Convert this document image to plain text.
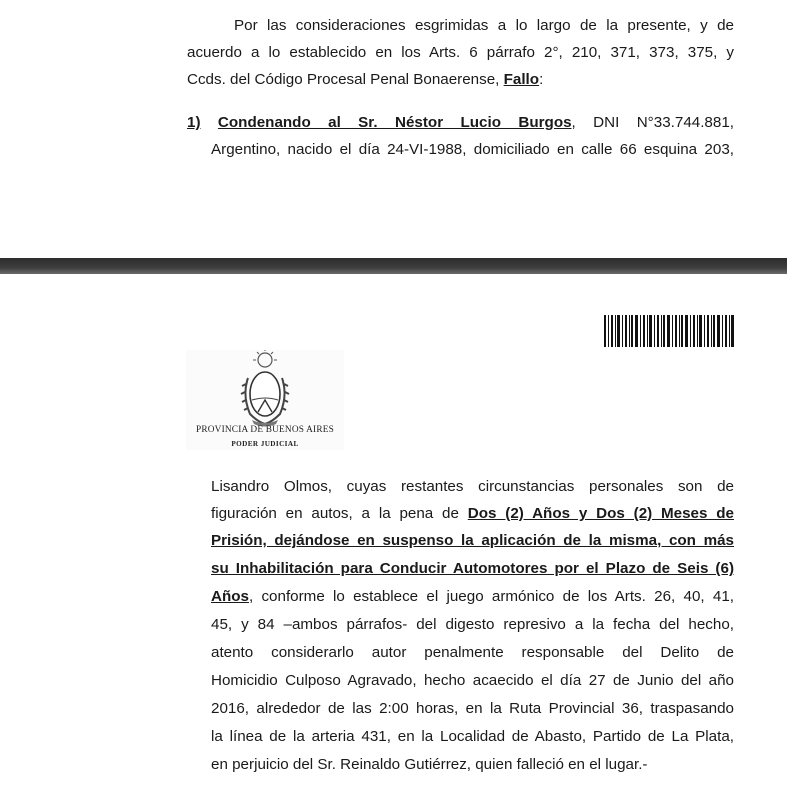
Por las consideraciones esgrimidas a lo largo de la presente, y de
acuerdo a lo establecido en los Arts. 6 párrafo 2°, 210, 371, 373, 375, y
Ccds. del Código Procesal Penal Bonaerense, Fallo:
1) Condenando al Sr. Néstor Lucio Burgos, DNI N°33.744.881,
Argentino, nacido el día 24-VI-1988, domiciliado en calle 66 esquina 203,
PROVINCIA DE BUENOS AIRES
PODER JUDICIAL
Lisandro Olmos, cuyas restantes circunstancias personales son de
figuración en autos, a la pena de Dos (2) Años y Dos (2) Meses de
Prisión, dejándose en suspenso la aplicación de la misma, con más
su Inhabilitación para Conducir Automotores por el Plazo de Seis (6)
Años, conforme lo establece el juego armónico de los Arts. 26, 40, 41,
45, y 84 –ambos párrafos- del digesto represivo a la fecha del hecho,
atento considerarlo autor penalmente responsable del Delito de
Homicidio Culposo Agravado, hecho acaecido el día 27 de Junio del año
2016, alrededor de las 2:00 horas, en la Ruta Provincial 36, traspasando
la línea de la arteria 431, en la Localidad de Abasto, Partido de La Plata,
en perjuicio del Sr. Reinaldo Gutiérrez, quien falleció en el lugar.-
